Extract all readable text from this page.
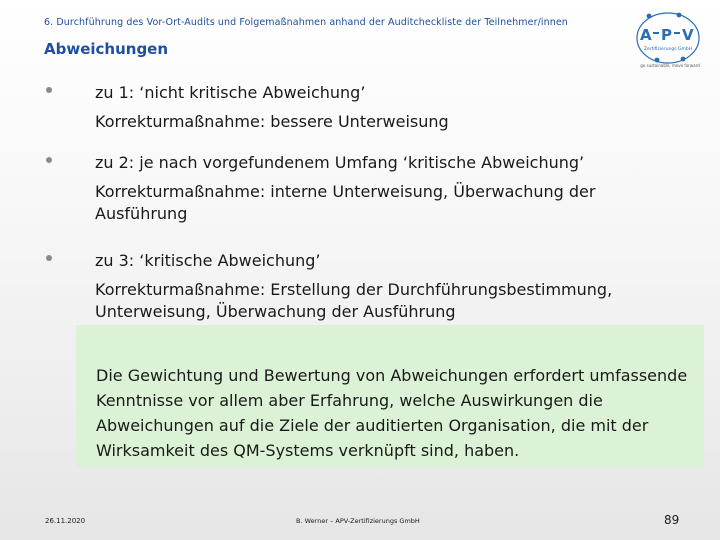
6. Durchführung des Vor-Ort-Audits und Folgemaßnahmen anhand der Auditcheckliste der Teilnehmer/innen
Abweichungen
A P V
Zertifizierungs GmbH
go sustainable, move forward
zu 1: ‘nicht kritische Abweichung’
Korrekturmaßnahme: bessere Unterweisung
zu 2: je nach vorgefundenem Umfang ‘kritische Abweichung’
Korrekturmaßnahme: interne Unterweisung, Überwachung der Ausführung
zu 3: ‘kritische Abweichung’
Korrekturmaßnahme: Erstellung der Durchführungsbestimmung, Unterweisung, Überwachung der Ausführung
Die Gewichtung und Bewertung von Abweichungen erfordert umfassende Kenntnisse vor allem aber Erfahrung, welche Auswirkungen die Abweichungen auf die Ziele der auditierten Organisation, die mit der Wirksamkeit des QM-Systems verknüpft sind, haben.
26.11.2020	B. Werner – APV-Zertifizierungs GmbH	89
